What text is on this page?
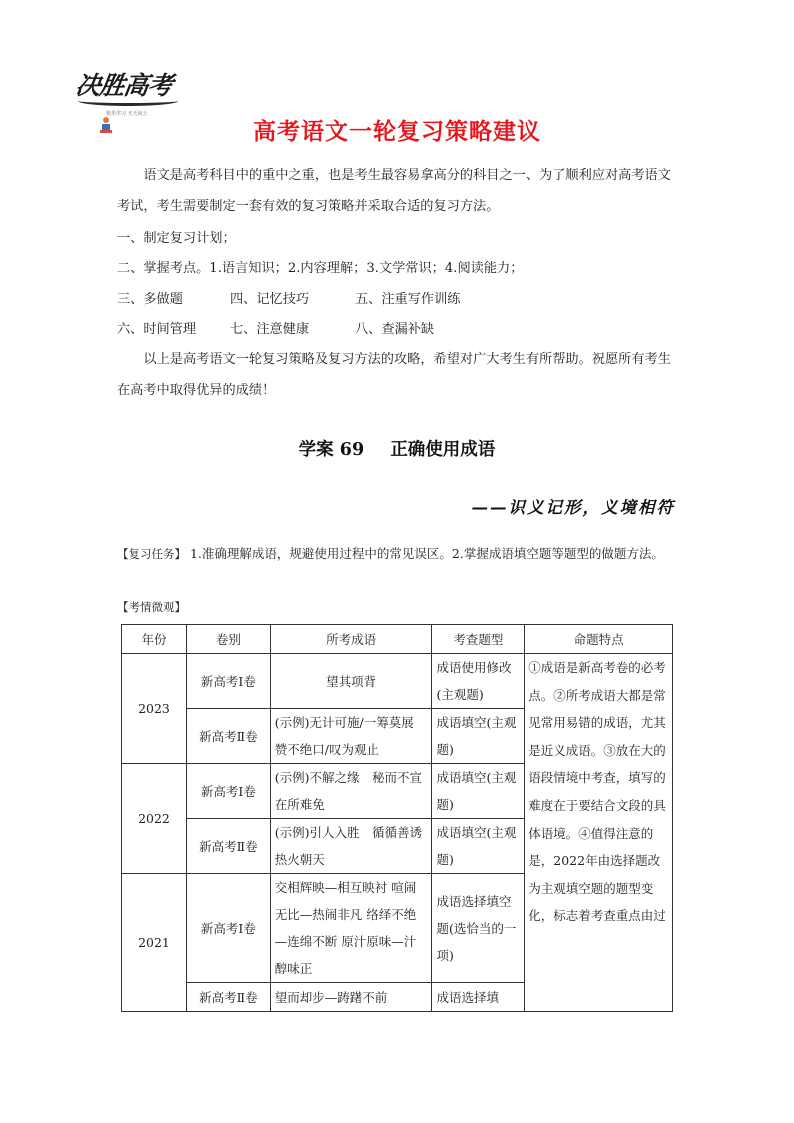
决胜高考
快乐学习 天天向上
高考语文一轮复习策略建议
语文是高考科目中的重中之重，也是考生最容易拿高分的科目之一、为了顺利应对高考语文考试，考生需要制定一套有效的复习策略并采取合适的复习方法。
一、制定复习计划；
二、掌握考点。1.语言知识；2.内容理解；3.文学常识；4.阅读能力；
三、多做题	四、记忆技巧	五、注重写作训练
六、时间管理	七、注意健康	八、查漏补缺
以上是高考语文一轮复习策略及复习方法的攻略，希望对广大考生有所帮助。祝愿所有考生在高考中取得优异的成绩！
学案 69 正确使用成语
——识义记形，义境相符
【复习任务】 1.准确理解成语，规避使用过程中的常见误区。2.掌握成语填空题等题型的做题方法。
【考情微观】
年份	卷别	所考成语	考查题型	命题特点
2023	新高考Ⅰ卷	望其项背	成语使用修改(主观题)	①成语是新高考卷的必考点。②所考成语大都是常见常用易错的成语，尤其是近义成语。③放在大的语段情境中考查，填写的难度在于要结合文段的具体语境。④值得注意的是，2022年由选择题改为主观填空题的题型变化，标志着考查重点由过
	新高考Ⅱ卷	(示例)无计可施/一筹莫展　赞不绝口/叹为观止	成语填空(主观题)	
2022	新高考Ⅰ卷	(示例)不解之缘　秘而不宣　在所难免	成语填空(主观题)	
	新高考Ⅱ卷	(示例)引人入胜　循循善诱　热火朝天	成语填空(主观题)	
2021	新高考Ⅰ卷	交相辉映—相互映衬 喧闹无比—热闹非凡 络绎不绝—连绵不断 原汁原味—汁醇味正	成语选择填空题(选恰当的一项)	
	新高考Ⅱ卷	望而却步—踌躇不前	成语选择填	
